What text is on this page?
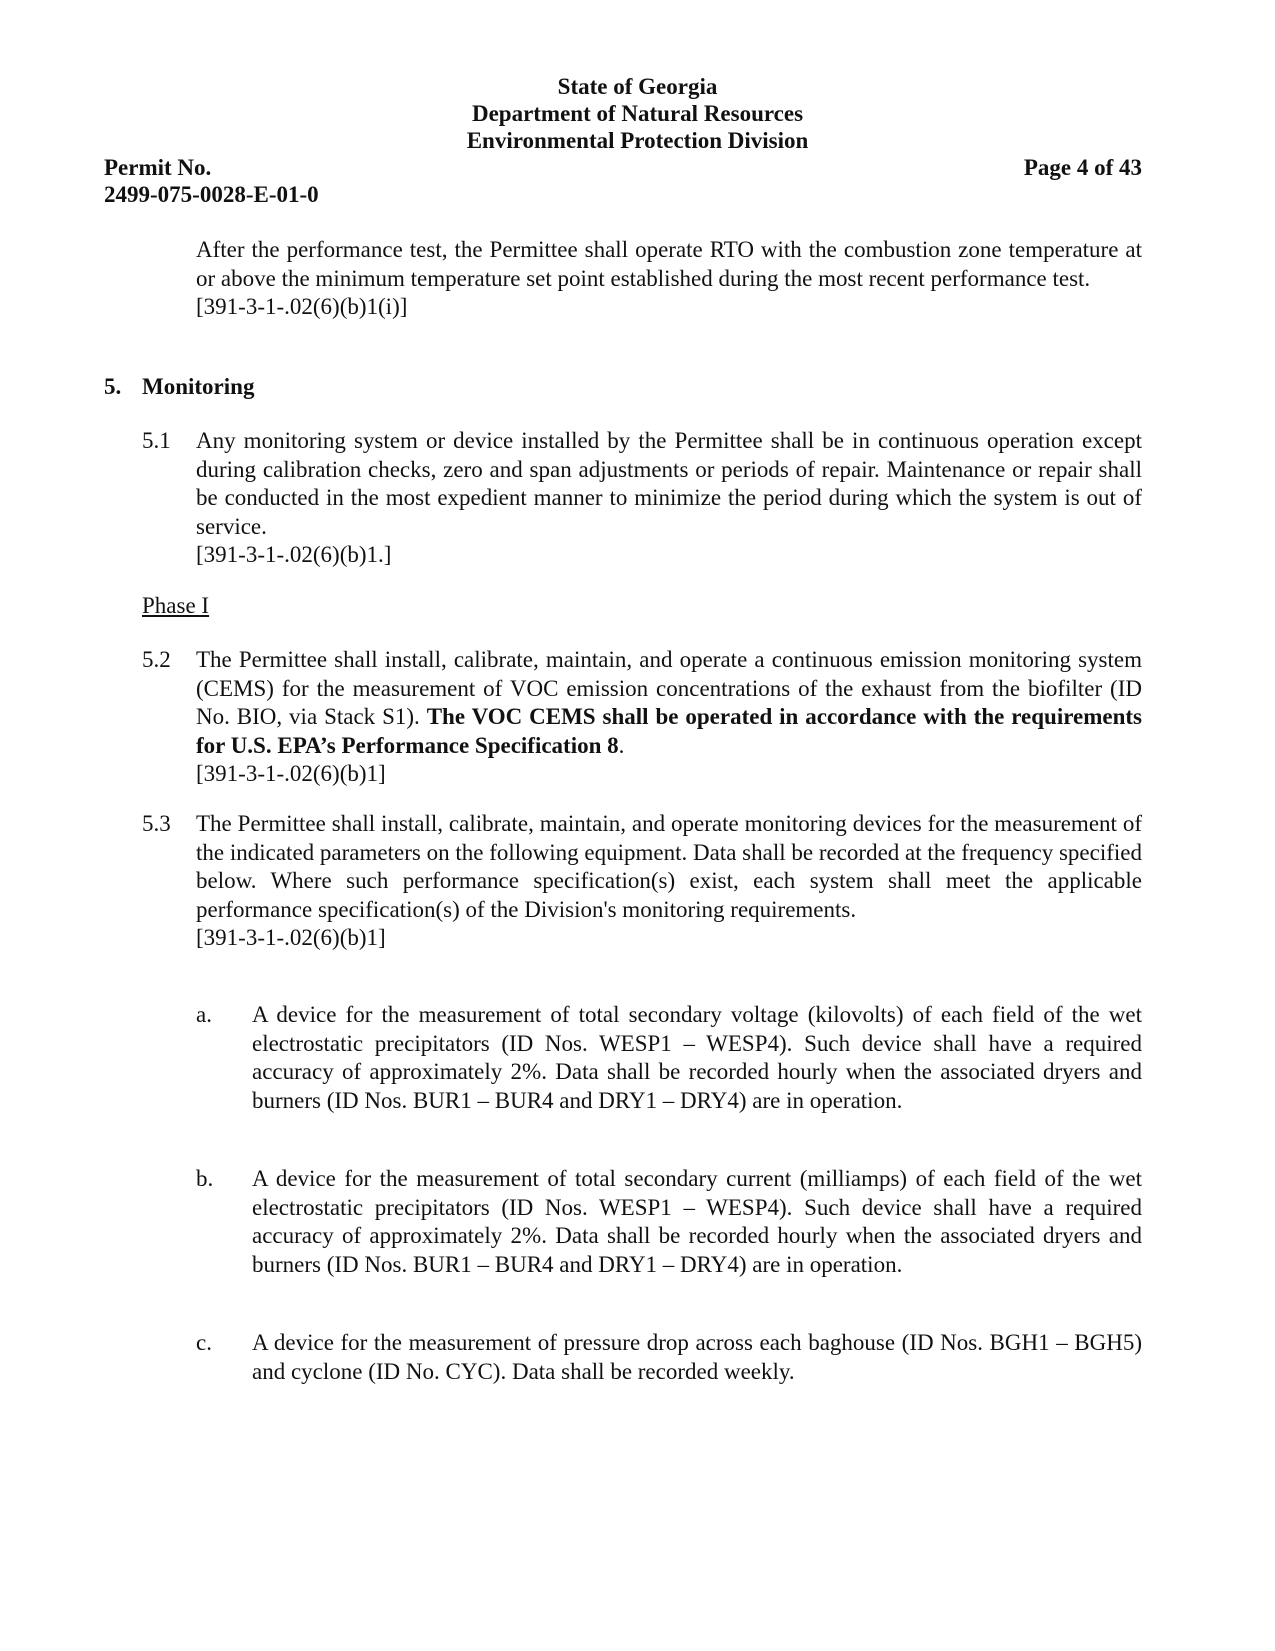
State of Georgia
Department of Natural Resources
Environmental Protection Division
Permit No.
2499-075-0028-E-01-0
Page 4 of 43
After the performance test, the Permittee shall operate RTO with the combustion zone temperature at or above the minimum temperature set point established during the most recent performance test.
[391-3-1-.02(6)(b)1(i)]
5. Monitoring
5.1 Any monitoring system or device installed by the Permittee shall be in continuous operation except during calibration checks, zero and span adjustments or periods of repair. Maintenance or repair shall be conducted in the most expedient manner to minimize the period during which the system is out of service.
[391-3-1-.02(6)(b)1.]
Phase I
5.2 The Permittee shall install, calibrate, maintain, and operate a continuous emission monitoring system (CEMS) for the measurement of VOC emission concentrations of the exhaust from the biofilter (ID No. BIO, via Stack S1). The VOC CEMS shall be operated in accordance with the requirements for U.S. EPA’s Performance Specification 8.
[391-3-1-.02(6)(b)1]
5.3 The Permittee shall install, calibrate, maintain, and operate monitoring devices for the measurement of the indicated parameters on the following equipment. Data shall be recorded at the frequency specified below. Where such performance specification(s) exist, each system shall meet the applicable performance specification(s) of the Division's monitoring requirements.
[391-3-1-.02(6)(b)1]
a. A device for the measurement of total secondary voltage (kilovolts) of each field of the wet electrostatic precipitators (ID Nos. WESP1 – WESP4). Such device shall have a required accuracy of approximately 2%. Data shall be recorded hourly when the associated dryers and burners (ID Nos. BUR1 – BUR4 and DRY1 – DRY4) are in operation.
b. A device for the measurement of total secondary current (milliamps) of each field of the wet electrostatic precipitators (ID Nos. WESP1 – WESP4). Such device shall have a required accuracy of approximately 2%. Data shall be recorded hourly when the associated dryers and burners (ID Nos. BUR1 – BUR4 and DRY1 – DRY4) are in operation.
c. A device for the measurement of pressure drop across each baghouse (ID Nos. BGH1 – BGH5) and cyclone (ID No. CYC). Data shall be recorded weekly.
